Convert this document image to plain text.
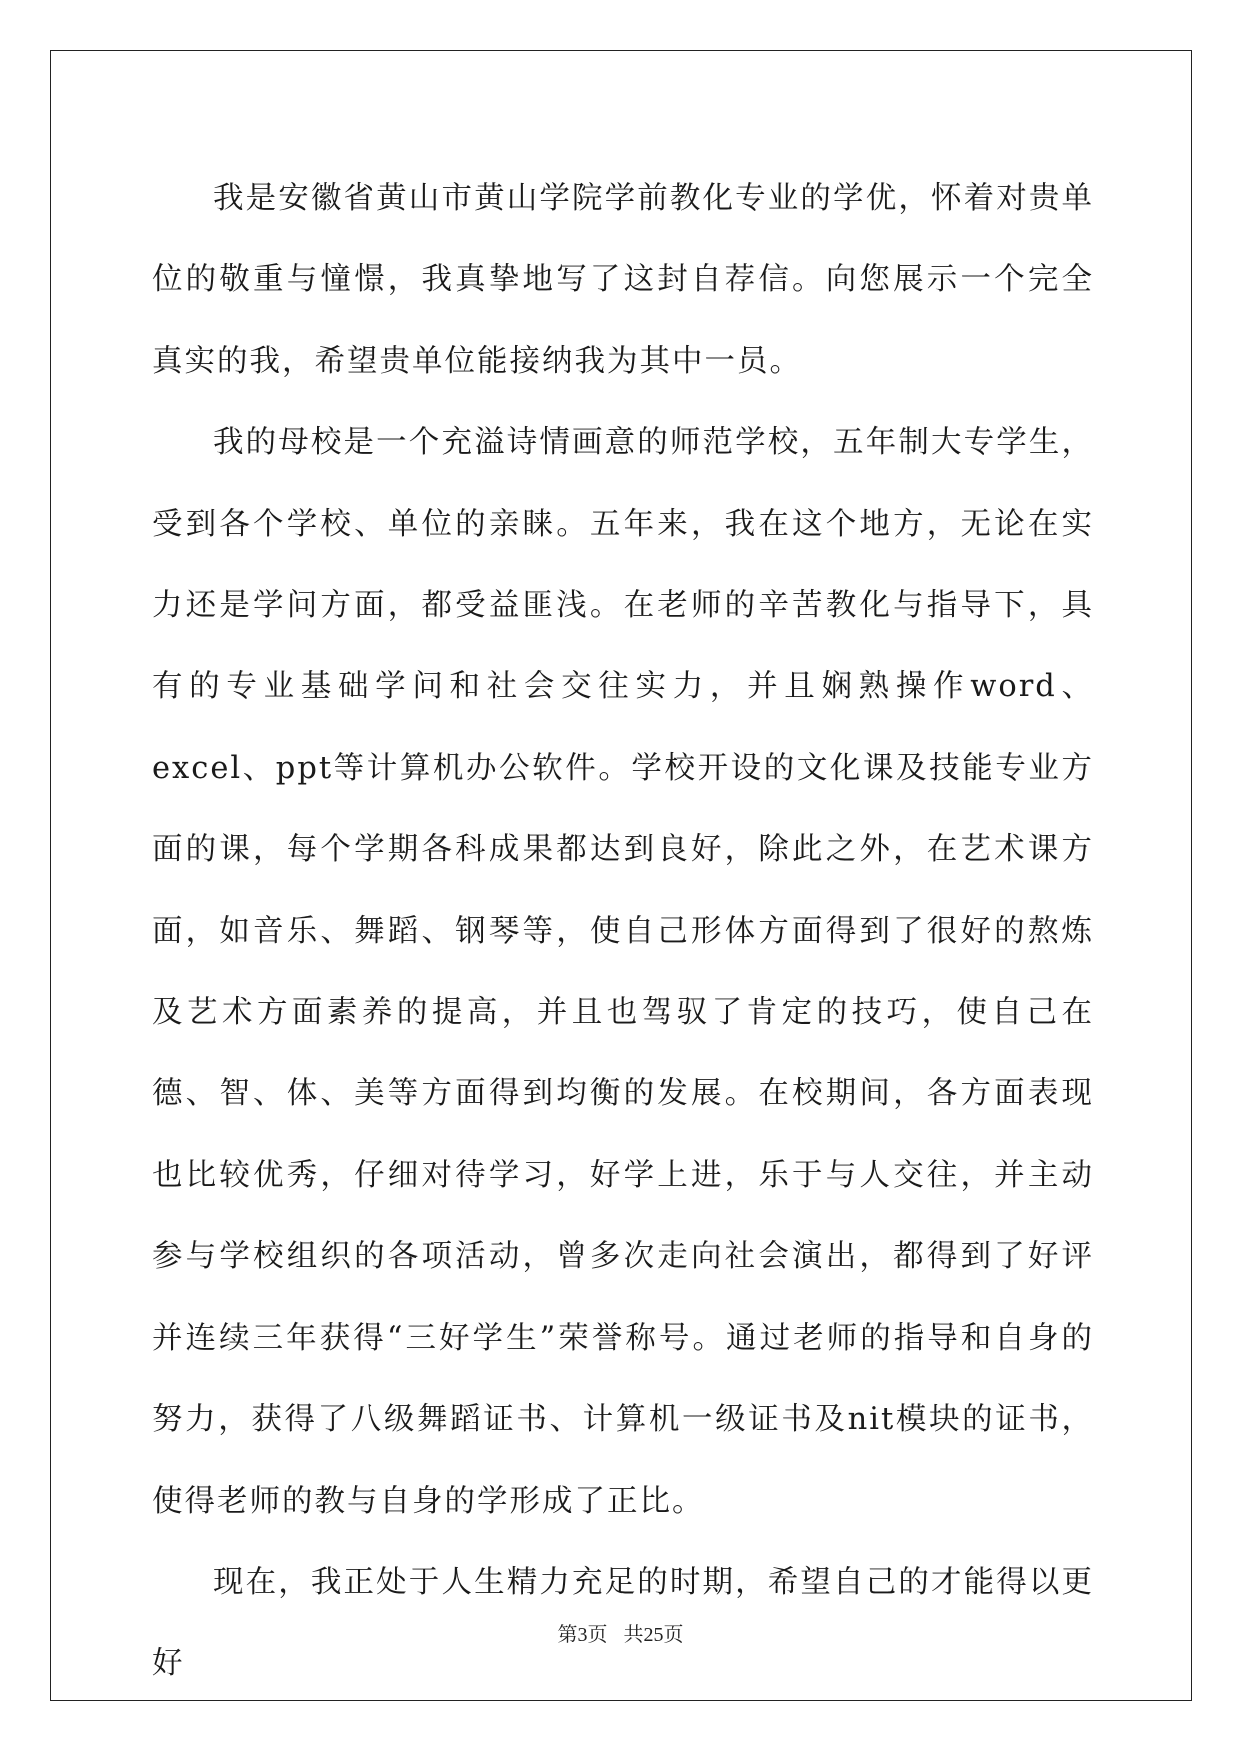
我是安徽省黄山市黄山学院学前教化专业的学优，怀着对贵单位的敬重与憧憬，我真挚地写了这封自荐信。向您展示一个完全真实的我，希望贵单位能接纳我为其中一员。

我的母校是一个充溢诗情画意的师范学校，五年制大专学生，受到各个学校、单位的亲睐。五年来，我在这个地方，无论在实力还是学问方面，都受益匪浅。在老师的辛苦教化与指导下，具有的专业基础学问和社会交往实力，并且娴熟操作word、excel、ppt等计算机办公软件。学校开设的文化课及技能专业方面的课，每个学期各科成果都达到良好，除此之外，在艺术课方面，如音乐、舞蹈、钢琴等，使自己形体方面得到了很好的熬炼及艺术方面素养的提高，并且也驾驭了肯定的技巧，使自己在德、智、体、美等方面得到均衡的发展。在校期间，各方面表现也比较优秀，仔细对待学习，好学上进，乐于与人交往，并主动参与学校组织的各项活动，曾多次走向社会演出，都得到了好评并连续三年获得“三好学生”荣誉称号。通过老师的指导和自身的努力，获得了八级舞蹈证书、计算机一级证书及nit模块的证书，使得老师的教与自身的学形成了正比。

现在，我正处于人生精力充足的时期，希望自己的才能得以更好

第3页 共25页
